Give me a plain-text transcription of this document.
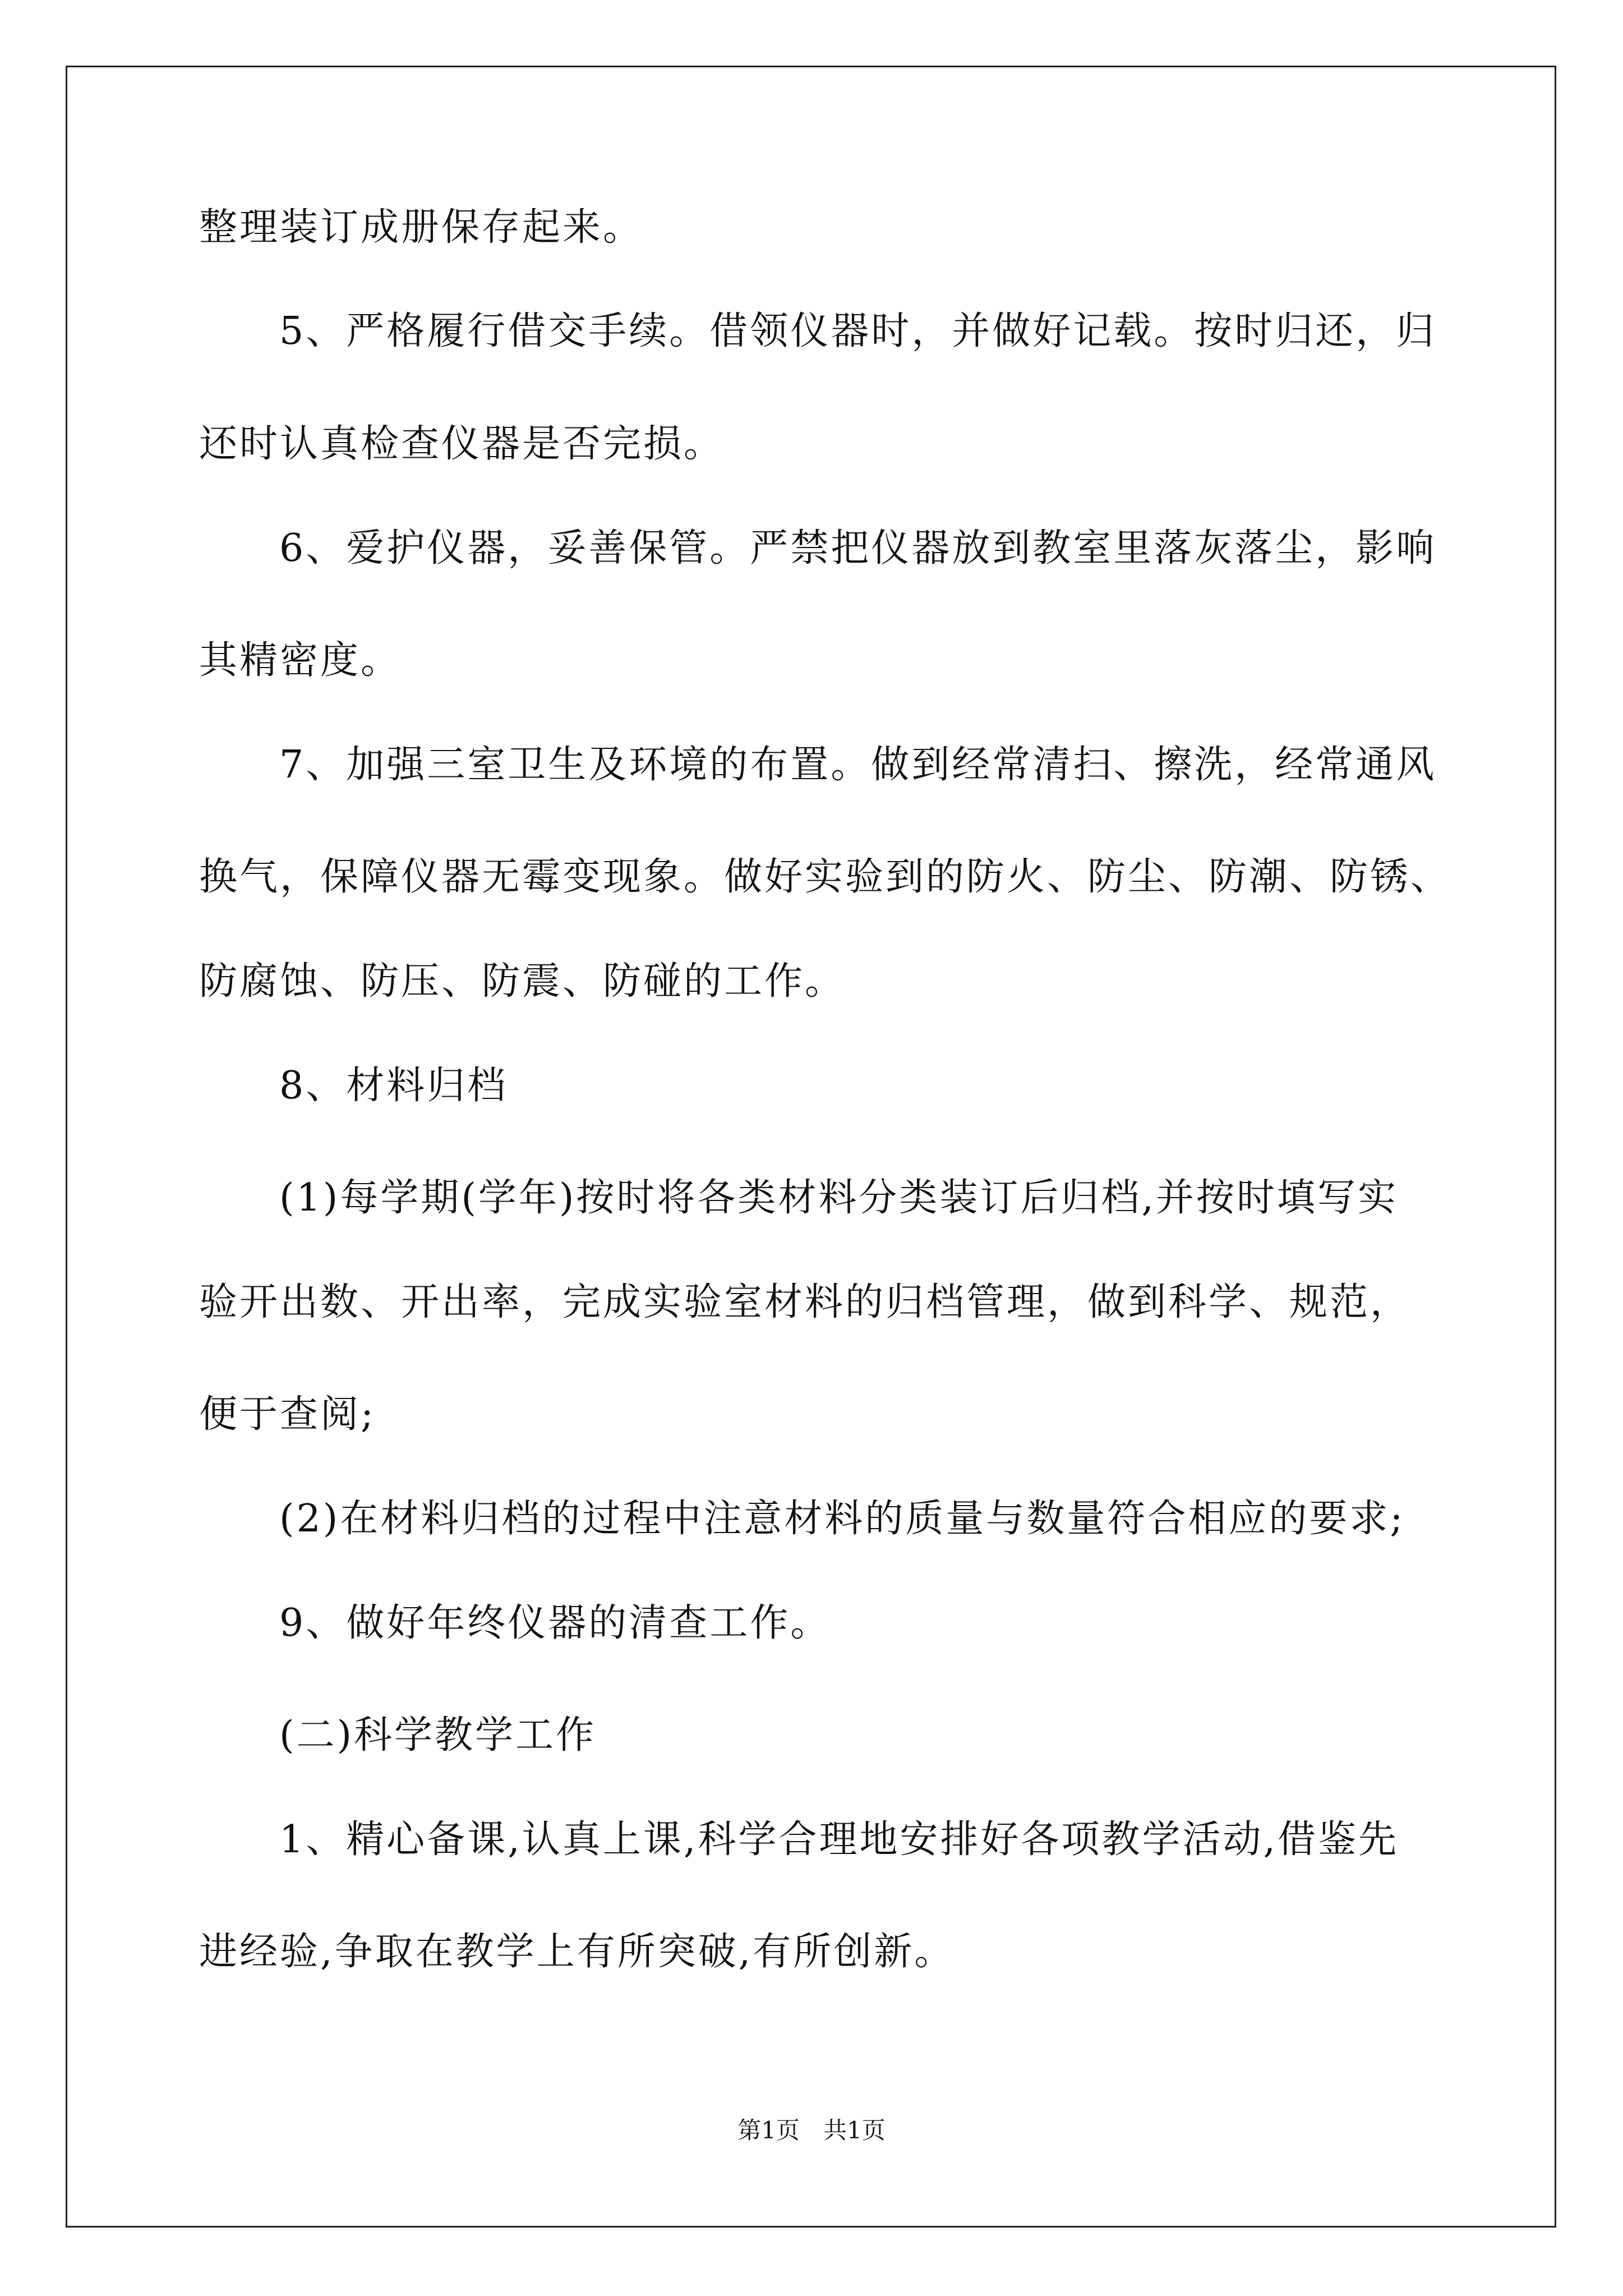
整理装订成册保存起来。
5、严格履行借交手续。借领仪器时，并做好记载。按时归还，归
还时认真检查仪器是否完损。
6、爱护仪器，妥善保管。严禁把仪器放到教室里落灰落尘，影响
其精密度。
7、加强三室卫生及环境的布置。做到经常清扫、擦洗，经常通风
换气，保障仪器无霉变现象。做好实验到的防火、防尘、防潮、防锈、
防腐蚀、防压、防震、防碰的工作。
8、材料归档
(1)每学期(学年)按时将各类材料分类装订后归档,并按时填写实
验开出数、开出率，完成实验室材料的归档管理，做到科学、规范，
便于查阅;
(2)在材料归档的过程中注意材料的质量与数量符合相应的要求;
9、做好年终仪器的清查工作。
(二)科学教学工作
1、精心备课,认真上课,科学合理地安排好各项教学活动,借鉴先
进经验,争取在教学上有所突破,有所创新。
第1页　共1页
